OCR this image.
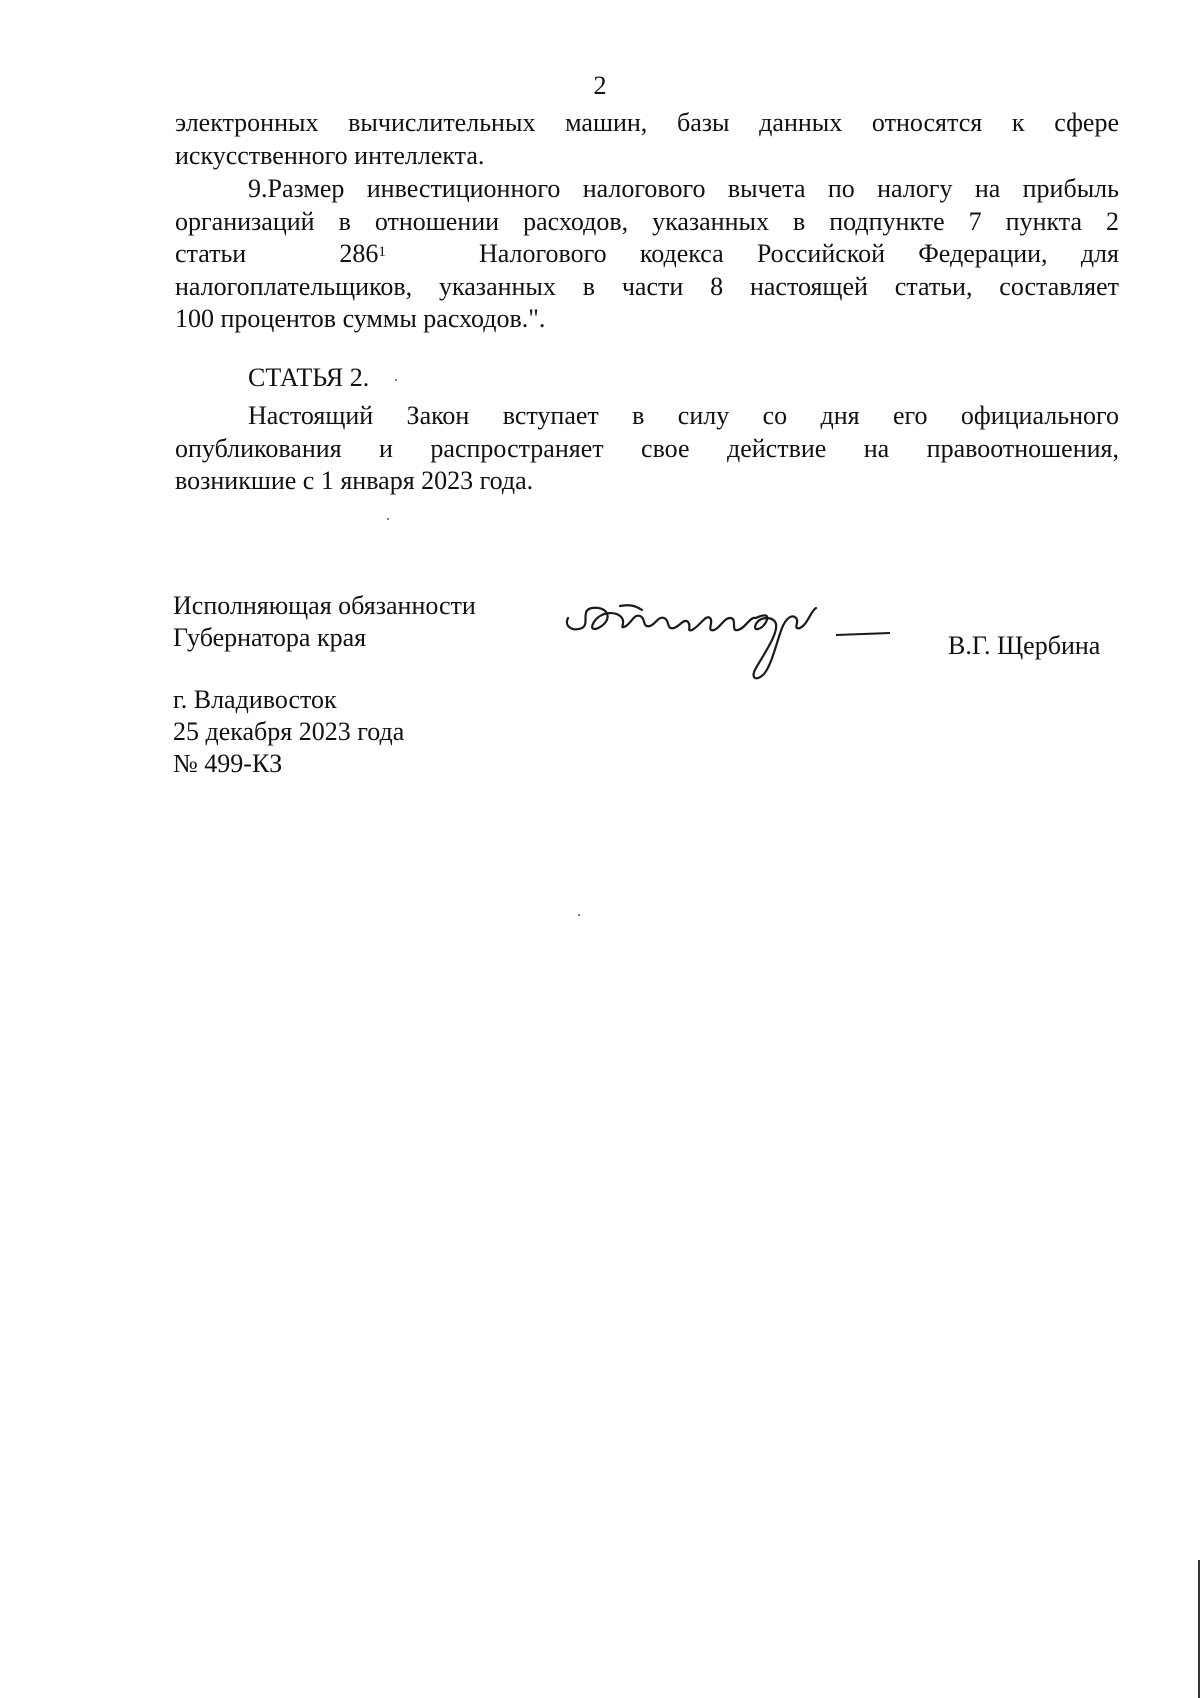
2
электронных вычислительных машин, базы данных относятся к сфере
искусственного интеллекта.
9.Размер инвестиционного налогового вычета по налогу на прибыль
организаций в отношении расходов, указанных в подпункте 7 пункта 2
статьи	$286^1$	Налогового кодекса Российской Федерации, для
налогоплательщиков, указанных в части 8 настоящей статьи, составляет
100 процентов суммы расходов.".
СТАТЬЯ 2.
Настоящий Закон вступает в силу со дня его официального
опубликования и распространяет свое действие на правоотношения,
возникшие с 1 января 2023 года.
Исполняющая обязанности
Губернатора края	В.Г. Щербина
г. Владивосток
25 декабря 2023 года
№ 499-КЗ
